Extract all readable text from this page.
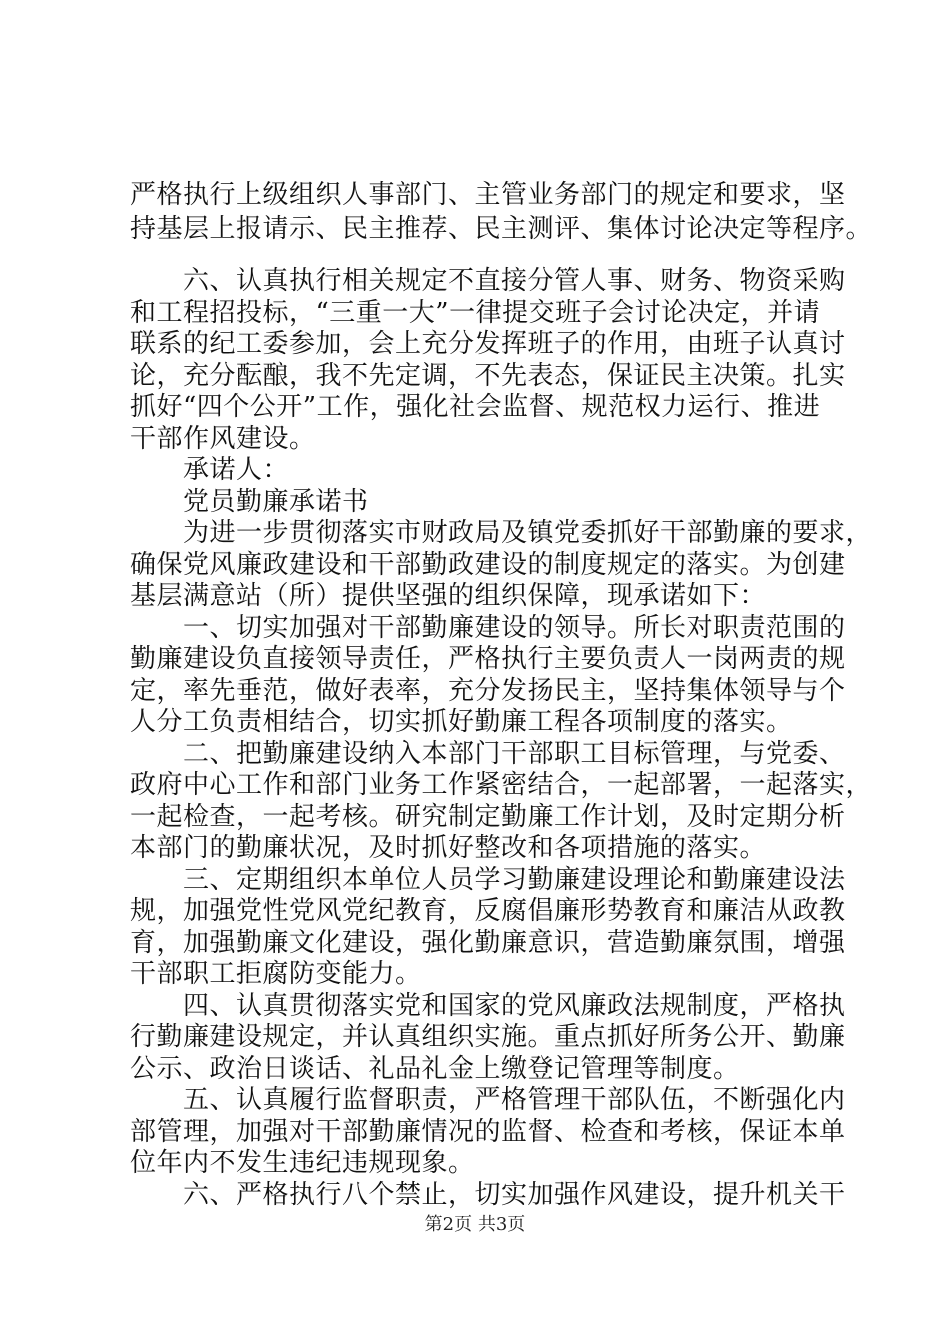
严格执行上级组织人事部门、主管业务部门的规定和要求，坚
持基层上报请示、民主推荐、民主测评、集体讨论决定等程序。
　　六、认真执行相关规定不直接分管人事、财务、物资采购
和工程招投标，“三重一大”一律提交班子会讨论决定，并请
联系的纪工委参加，会上充分发挥班子的作用，由班子认真讨
论，充分酝酿，我不先定调，不先表态，保证民主决策。扎实
抓好“四个公开”工作，强化社会监督、规范权力运行、推进
干部作风建设。
　　承诺人：
　　党员勤廉承诺书
　　为进一步贯彻落实市财政局及镇党委抓好干部勤廉的要求，
确保党风廉政建设和干部勤政建设的制度规定的落实。为创建
基层满意站（所）提供坚强的组织保障，现承诺如下：
　　一、切实加强对干部勤廉建设的领导。所长对职责范围的
勤廉建设负直接领导责任，严格执行主要负责人一岗两责的规
定，率先垂范，做好表率，充分发扬民主，坚持集体领导与个
人分工负责相结合，切实抓好勤廉工程各项制度的落实。
　　二、把勤廉建设纳入本部门干部职工目标管理，与党委、
政府中心工作和部门业务工作紧密结合，一起部署，一起落实，
一起检查，一起考核。研究制定勤廉工作计划，及时定期分析
本部门的勤廉状况，及时抓好整改和各项措施的落实。
　　三、定期组织本单位人员学习勤廉建设理论和勤廉建设法
规，加强党性党风党纪教育，反腐倡廉形势教育和廉洁从政教
育，加强勤廉文化建设，强化勤廉意识，营造勤廉氛围，增强
干部职工拒腐防变能力。
　　四、认真贯彻落实党和国家的党风廉政法规制度，严格执
行勤廉建设规定，并认真组织实施。重点抓好所务公开、勤廉
公示、政治日谈话、礼品礼金上缴登记管理等制度。
　　五、认真履行监督职责，严格管理干部队伍，不断强化内
部管理，加强对干部勤廉情况的监督、检查和考核，保证本单
位年内不发生违纪违规现象。
　　六、严格执行八个禁止，切实加强作风建设，提升机关干
第2页 共3页
